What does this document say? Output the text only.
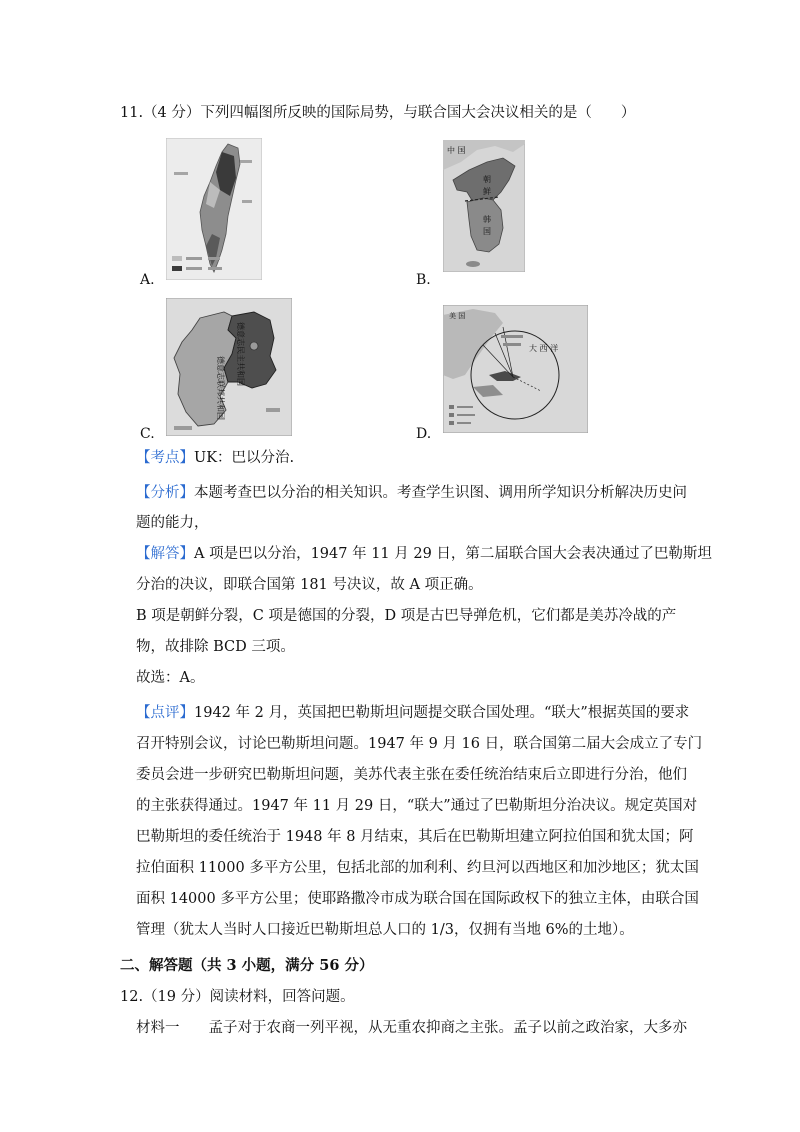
11.（4 分）下列四幅图所反映的国际局势，与联合国大会决议相关的是（　　）
A.
中 国
朝
鲜
韩
国
B.
德意志民主共和国
德意志联邦共和国
C.
美 国
大 西 洋
D.
【考点】UK：巴以分治.
【分析】本题考查巴以分治的相关知识。考查学生识图、调用所学知识分析解决历史问
题的能力，
【解答】A 项是巴以分治，1947 年 11 月 29 日，第二届联合国大会表决通过了巴勒斯坦
分治的决议，即联合国第 181 号决议，故 A 项正确。
B 项是朝鲜分裂，C 项是德国的分裂，D 项是古巴导弹危机，它们都是美苏冷战的产
物，故排除 BCD 三项。
故选：A。
【点评】1942 年 2 月，英国把巴勒斯坦问题提交联合国处理。“联大”根据英国的要求
召开特别会议，讨论巴勒斯坦问题。1947 年 9 月 16 日，联合国第二届大会成立了专门
委员会进一步研究巴勒斯坦问题，美苏代表主张在委任统治结束后立即进行分治，他们
的主张获得通过。1947 年 11 月 29 日，“联大”通过了巴勒斯坦分治决议。规定英国对
巴勒斯坦的委任统治于 1948 年 8 月结束，其后在巴勒斯坦建立阿拉伯国和犹太国；阿
拉伯面积 11000 多平方公里，包括北部的加利利、约旦河以西地区和加沙地区；犹太国
面积 14000 多平方公里；使耶路撒冷市成为联合国在国际政权下的独立主体，由联合国
管理（犹太人当时人口接近巴勒斯坦总人口的 1/3，仅拥有当地 6%的土地）。
二、解答题（共 3 小题，满分 56 分）
12.（19 分）阅读材料，回答问题。
材料一　　孟子对于农商一列平视，从无重农抑商之主张。孟子以前之政治家，大多亦
